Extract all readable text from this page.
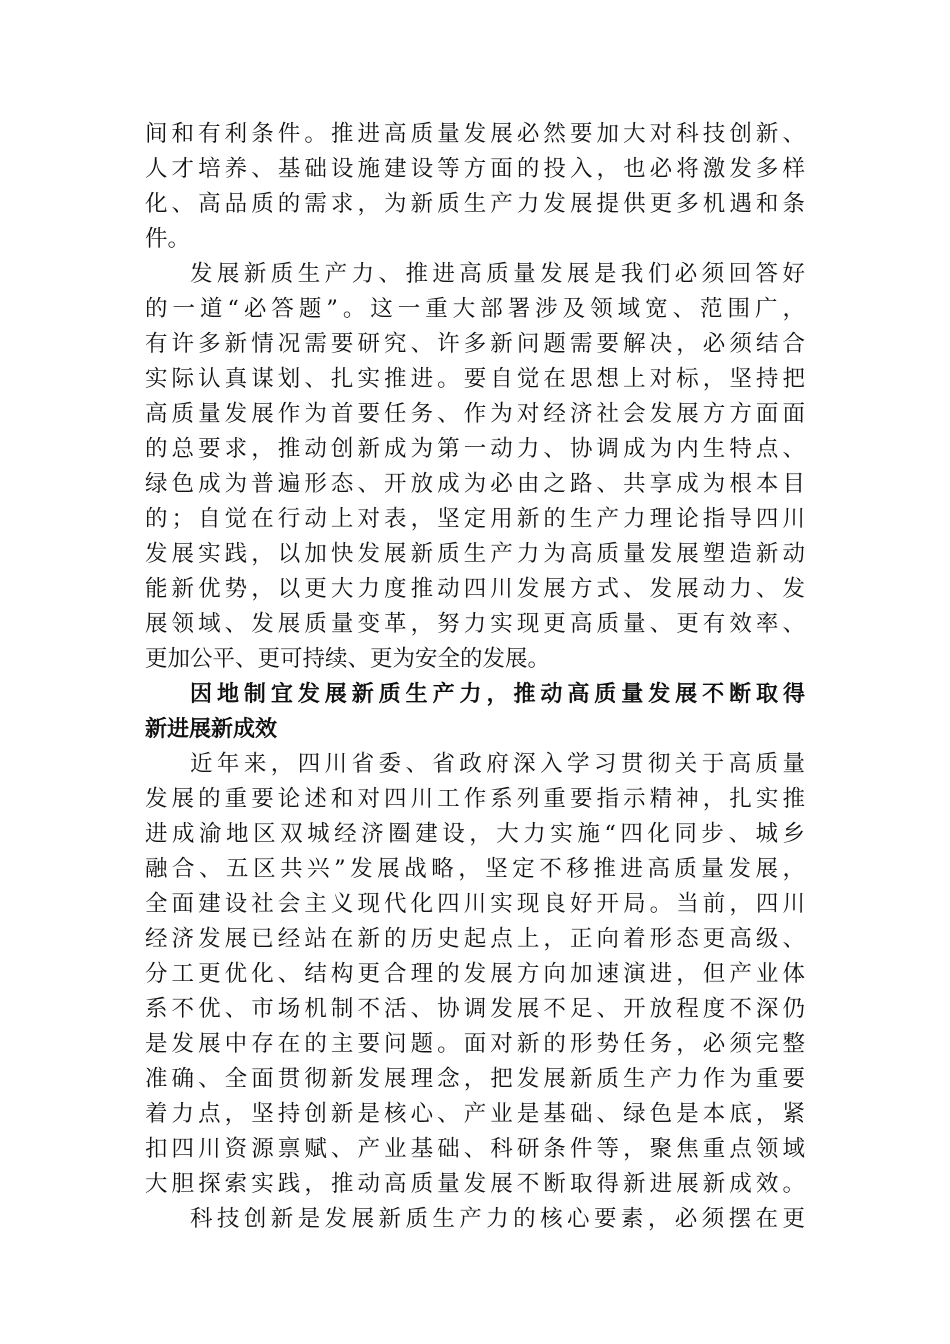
间和有利条件。推进高质量发展必然要加大对科技创新、
人才培养、基础设施建设等方面的投入，也必将激发多样
化、高品质的需求，为新质生产力发展提供更多机遇和条
件。
发展新质生产力、推进高质量发展是我们必须回答好
的一道“必答题”。这一重大部署涉及领域宽、范围广，
有许多新情况需要研究、许多新问题需要解决，必须结合
实际认真谋划、扎实推进。要自觉在思想上对标，坚持把
高质量发展作为首要任务、作为对经济社会发展方方面面
的总要求，推动创新成为第一动力、协调成为内生特点、
绿色成为普遍形态、开放成为必由之路、共享成为根本目
的；自觉在行动上对表，坚定用新的生产力理论指导四川
发展实践，以加快发展新质生产力为高质量发展塑造新动
能新优势，以更大力度推动四川发展方式、发展动力、发
展领域、发展质量变革，努力实现更高质量、更有效率、
更加公平、更可持续、更为安全的发展。
因地制宜发展新质生产力，推动高质量发展不断取得
新进展新成效
近年来，四川省委、省政府深入学习贯彻关于高质量
发展的重要论述和对四川工作系列重要指示精神，扎实推
进成渝地区双城经济圈建设，大力实施“四化同步、城乡
融合、五区共兴”发展战略，坚定不移推进高质量发展，
全面建设社会主义现代化四川实现良好开局。当前，四川
经济发展已经站在新的历史起点上，正向着形态更高级、
分工更优化、结构更合理的发展方向加速演进，但产业体
系不优、市场机制不活、协调发展不足、开放程度不深仍
是发展中存在的主要问题。面对新的形势任务，必须完整
准确、全面贯彻新发展理念，把发展新质生产力作为重要
着力点，坚持创新是核心、产业是基础、绿色是本底，紧
扣四川资源禀赋、产业基础、科研条件等，聚焦重点领域
大胆探索实践，推动高质量发展不断取得新进展新成效。
科技创新是发展新质生产力的核心要素，必须摆在更
